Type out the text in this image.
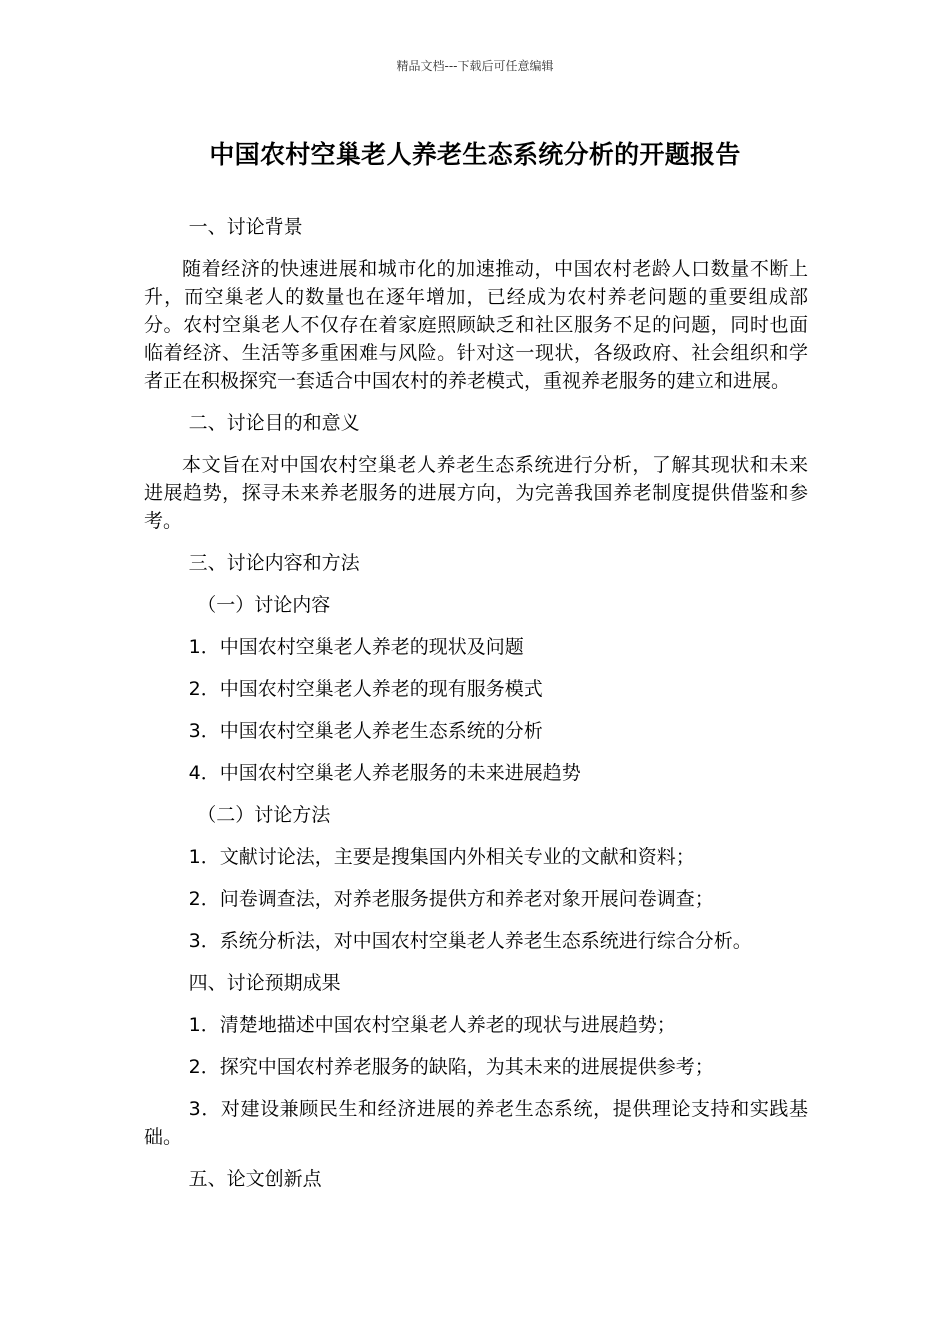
精品文档---下载后可任意编辑
中国农村空巢老人养老生态系统分析的开题报告

一、讨论背景

随着经济的快速进展和城市化的加速推动，中国农村老龄人口数量不断上升，而空巢老人的数量也在逐年增加，已经成为农村养老问题的重要组成部分。农村空巢老人不仅存在着家庭照顾缺乏和社区服务不足的问题，同时也面临着经济、生活等多重困难与风险。针对这一现状，各级政府、社会组织和学者正在积极探究一套适合中国农村的养老模式，重视养老服务的建立和进展。

二、讨论目的和意义

本文旨在对中国农村空巢老人养老生态系统进行分析，了解其现状和未来进展趋势，探寻未来养老服务的进展方向，为完善我国养老制度提供借鉴和参考。

三、讨论内容和方法

（一）讨论内容

1．中国农村空巢老人养老的现状及问题

2．中国农村空巢老人养老的现有服务模式

3．中国农村空巢老人养老生态系统的分析

4．中国农村空巢老人养老服务的未来进展趋势

（二）讨论方法

1．文献讨论法，主要是搜集国内外相关专业的文献和资料；

2．问卷调查法，对养老服务提供方和养老对象开展问卷调查；

3．系统分析法，对中国农村空巢老人养老生态系统进行综合分析。

四、讨论预期成果

1．清楚地描述中国农村空巢老人养老的现状与进展趋势；

2．探究中国农村养老服务的缺陷，为其未来的进展提供参考；

3．对建设兼顾民生和经济进展的养老生态系统，提供理论支持和实践基础。

五、论文创新点
